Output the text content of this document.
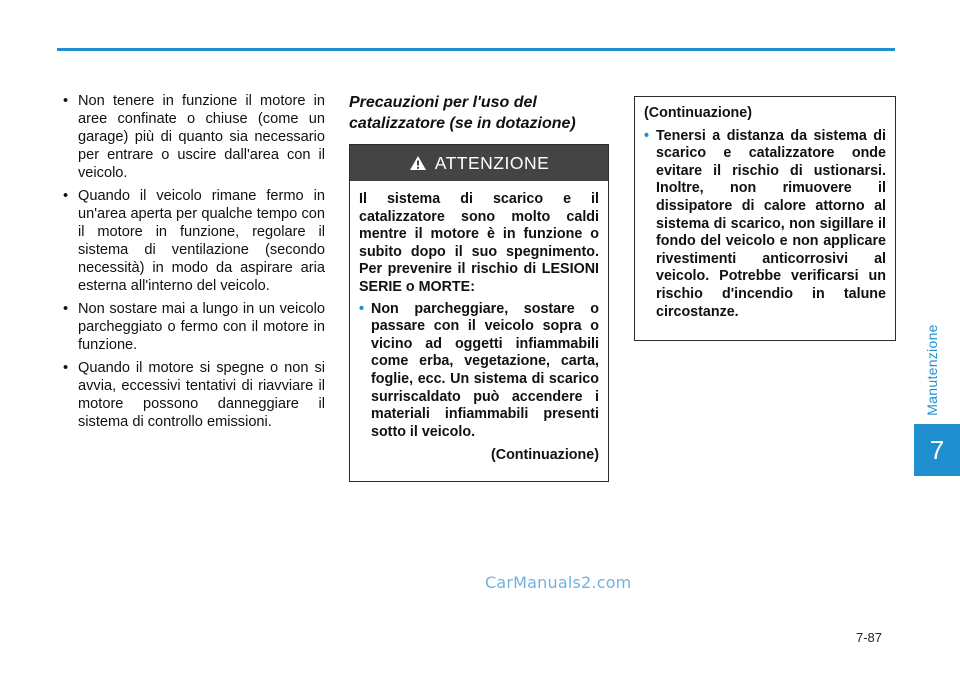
• Non tenere in funzione il motore in aree confinate o chiuse (come un garage) più di quanto sia necessario per entrare o uscire dall'area con il veicolo.
• Quando il veicolo rimane fermo in un'area aperta per qualche tempo con il motore in funzione, regolare il sistema di ventilazione (secondo necessità) in modo da aspirare aria esterna all'interno del veicolo.
• Non sostare mai a lungo in un veicolo parcheggiato o fermo con il motore in funzione.
• Quando il motore si spegne o non si avvia, eccessivi tentativi di riavviare il motore possono danneggiare il sistema di controllo emissioni.
Precauzioni per l'uso del catalizzatore (se in dotazione)
ATTENZIONE

Il sistema di scarico e il catalizzatore sono molto caldi mentre il motore è in funzione o subito dopo il suo spegnimento. Per prevenire il rischio di LESIONI SERIE o MORTE:

• Non parcheggiare, sostare o passare con il veicolo sopra o vicino ad oggetti infiammabili come erba, vegetazione, carta, foglie, ecc. Un sistema di scarico surriscaldato può accendere i materiali infiammabili presenti sotto il veicolo.
(Continuazione)
(Continuazione)
• Tenersi a distanza da sistema di scarico e catalizzatore onde evitare il rischio di ustionarsi. Inoltre, non rimuovere il dissipatore di calore attorno al sistema di scarico, non sigillare il fondo del veicolo e non applicare rivestimenti anticorrosivi al veicolo. Potrebbe verificarsi un rischio d'incendio in talune circostanze.
Manutenzione
7
CarManuals2.com
7-87
